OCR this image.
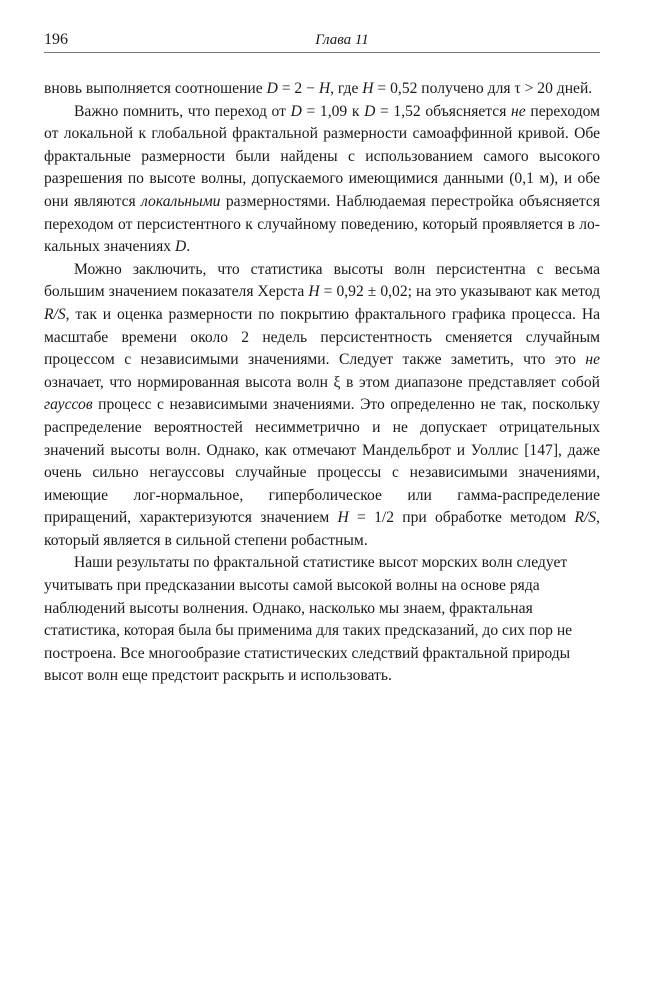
196	Глава 11

вновь выполняется соотношение D = 2 − H, где H = 0,52 получено для τ > 20 дней.

Важно помнить, что переход от D = 1,09 к D = 1,52 объясняется не переходом от локальной к глобальной фрактальной размерности самоаффинной кривой. Обе фрактальные размерности были найдены с использованием самого высокого разрешения по высоте волны, допускаемого имеющимися данными (0,1 м), и обе они являются локальными размерностями. Наблюдаемая перестройка объясняется переходом от персистентного к случайному поведению, который проявляется в локальных значениях D.

Можно заключить, что статистика высоты волн персистентна с весьма большим значением показателя Херста H = 0,92 ± 0,02; на это указывают как метод R/S, так и оценка размерности по покрытию фрактального графика процесса. На масштабе времени около 2 недель персистентность сменяется случайным процессом с независимыми значениями. Следует также заметить, что это не означает, что нормированная высота волн ξ в этом диапазоне представляет собой гауссов процесс с независимыми значениями. Это определенно не так, поскольку распределение вероятностей несимметрично и не допускает отрицательных значений высоты волн. Однако, как отмечают Мандельброт и Уоллис [147], даже очень сильно негауссовы случайные процессы с независимыми значениями, имеющие лог-нормальное, гиперболическое или гамма-распределение приращений, характеризуются значением H = 1/2 при обработке методом R/S, который является в сильной степени робастным.

Наши результаты по фрактальной статистике высот морских волн следует учитывать при предсказании высоты самой высокой волны на основе ряда наблюдений высоты волнения. Однако, насколько мы знаем, фрактальная статистика, которая была бы применима для таких предсказаний, до сих пор не построена. Все многообразие статистических следствий фрактальной природы высот волн еще предстоит раскрыть и использовать.
